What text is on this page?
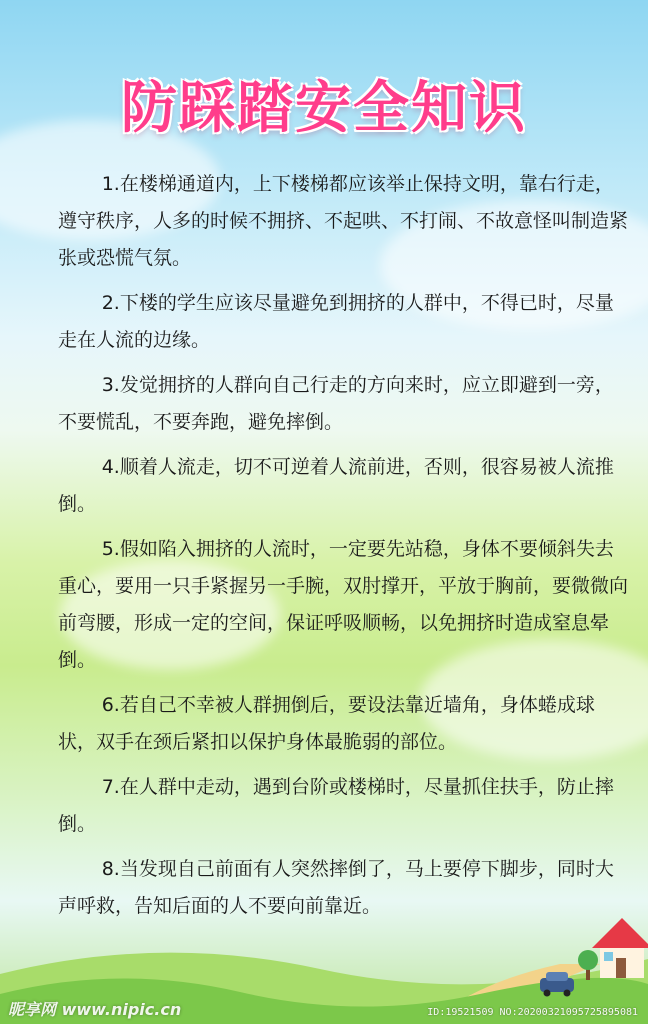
防踩踏安全知识

1.在楼梯通道内，上下楼梯都应该举止保持文明，靠右行走，遵守秩序，人多的时候不拥挤、不起哄、不打闹、不故意怪叫制造紧张或恐慌气氛。

2.下楼的学生应该尽量避免到拥挤的人群中，不得已时，尽量走在人流的边缘。

3.发觉拥挤的人群向自己行走的方向来时，应立即避到一旁，不要慌乱，不要奔跑，避免摔倒。

4.顺着人流走，切不可逆着人流前进，否则，很容易被人流推倒。

5.假如陷入拥挤的人流时，一定要先站稳，身体不要倾斜失去重心，要用一只手紧握另一手腕，双肘撑开，平放于胸前，要微微向前弯腰，形成一定的空间，保证呼吸顺畅，以免拥挤时造成窒息晕倒。

6.若自己不幸被人群拥倒后，要设法靠近墙角，身体蜷成球状，双手在颈后紧扣以保护身体最脆弱的部位。

7.在人群中走动，遇到台阶或楼梯时，尽量抓住扶手，防止摔倒。

8.当发现自己前面有人突然摔倒了，马上要停下脚步，同时大声呼救，告知后面的人不要向前靠近。

昵享网 www.nipic.cn	ID:19521509 NO:20200321095725895081
